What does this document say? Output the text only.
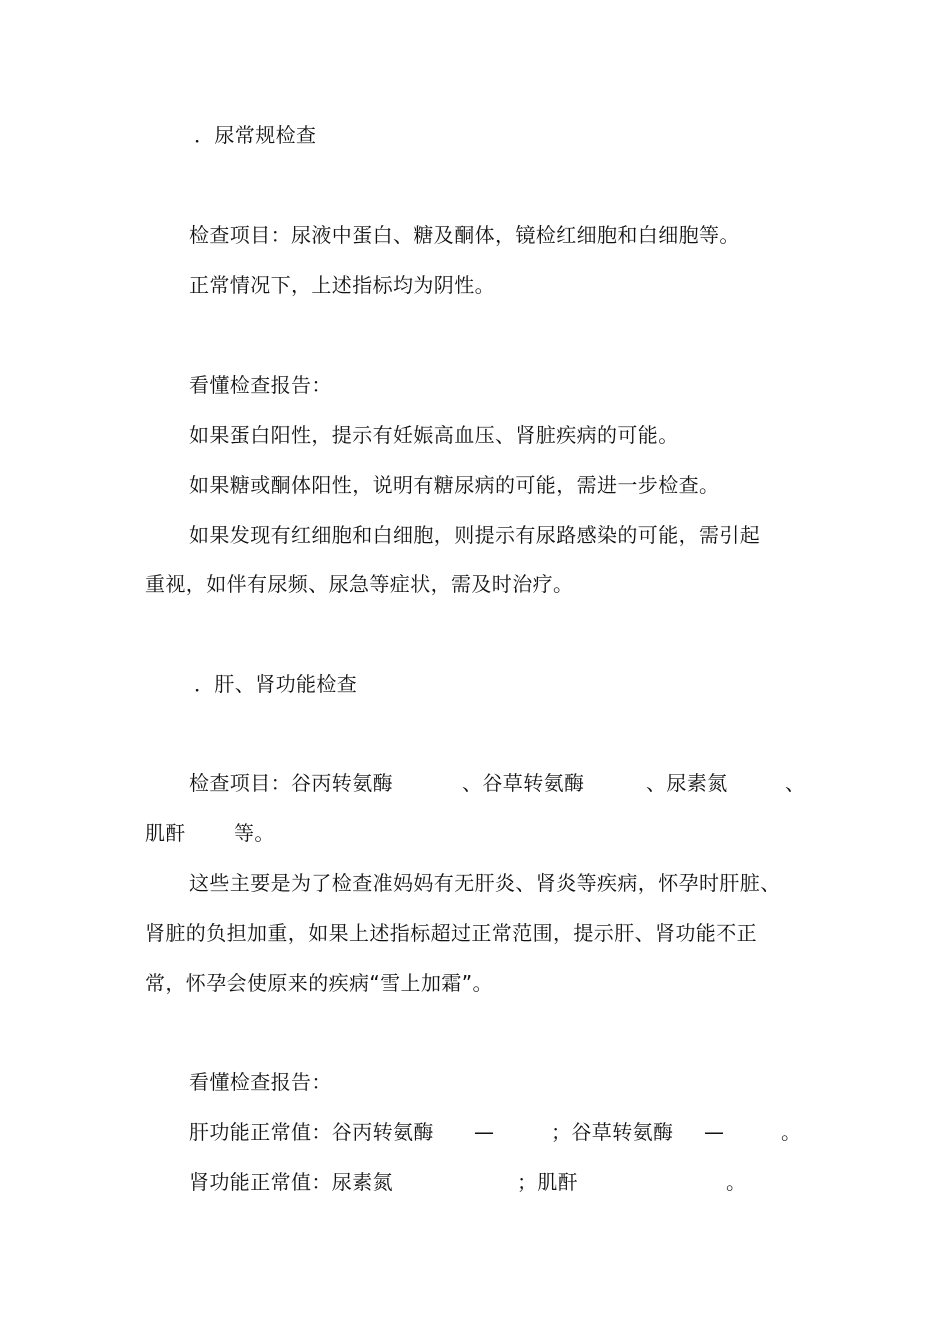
．尿常规检查
检查项目：尿液中蛋白、糖及酮体，镜检红细胞和白细胞等。
正常情况下，上述指标均为阴性。
看懂检查报告：
如果蛋白阳性，提示有妊娠高血压、肾脏疾病的可能。
如果糖或酮体阳性，说明有糖尿病的可能，需进一步检查。
如果发现有红细胞和白细胞，则提示有尿路感染的可能，需引起
重视，如伴有尿频、尿急等症状，需及时治疗。
．肝、肾功能检查
检查项目：谷丙转氨酶	、谷草转氨酶	、尿素氮	、
肌酐 等。
这些主要是为了检查准妈妈有无肝炎、肾炎等疾病，怀孕时肝脏、
肾脏的负担加重，如果上述指标超过正常范围，提示肝、肾功能不正
常，怀孕会使原来的疾病“雪上加霜”。
看懂检查报告：
肝功能正常值：谷丙转氨酶 —	；谷草转氨酶 —	。
肾功能正常值：尿素氮	；肌酐	。
